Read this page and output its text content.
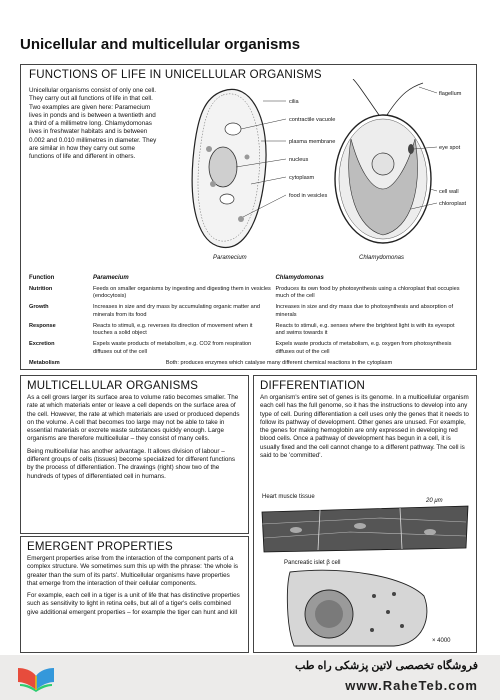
Unicellular and multicellular organisms
FUNCTIONS OF LIFE IN UNICELLULAR ORGANISMS

Unicellular organisms consist of only one cell. They carry out all functions of life in that cell. Two examples are given here: Paramecium lives in ponds and is between a twentieth and a third of a millimetre long. Chlamydomonas lives in freshwater habitats and is between 0.002 and 0.010 millimetres in diameter. They are similar in how they carry out some functions of life and different in others.

cilia
contractile vacuole
plasma membrane
nucleus
cytoplasm
food in vesicles
flagellum
eye spot
cell wall
chloroplast
Paramecium	Chlamydomonas
Function	Paramecium	Chlamydomonas
Nutrition	Feeds on smaller organisms by ingesting and digesting them in vesicles (endocytosis)	Produces its own food by photosynthesis using a chloroplast that occupies much of the cell
Growth	Increases in size and dry mass by accumulating organic matter and minerals from its food	Increases in size and dry mass due to photosynthesis and absorption of minerals
Response	Reacts to stimuli, e.g. reverses its direction of movement when it touches a solid object	Reacts to stimuli, e.g. senses where the brightest light is with its eyespot and swims towards it
Excretion	Expels waste products of metabolism, e.g. CO2 from respiration diffuses out of the cell	Expels waste products of metabolism, e.g. oxygen from photosynthesis diffuses out of the cell
Metabolism	Both: produces enzymes which catalyse many different chemical reactions in the cytoplasm	

MULTICELLULAR ORGANISMS

As a cell grows larger its surface area to volume ratio becomes smaller. The rate at which materials enter or leave a cell depends on the surface area of the cell. However, the rate at which materials are used or produced depends on the volume. A cell that becomes too large may not be able to take in essential materials or excrete waste substances quickly enough. Large organisms are therefore multicellular – they consist of many cells.

Being multicellular has another advantage. It allows division of labour – different groups of cells (tissues) become specialized for different functions by the process of differentiation. The drawings (right) show two of the hundreds of types of differentiated cell in humans.

EMERGENT PROPERTIES

Emergent properties arise from the interaction of the component parts of a complex structure. We sometimes sum this up with the phrase: 'the whole is greater than the sum of its parts'. Multicellular organisms have properties that emerge from the interaction of their cellular components.

For example, each cell in a tiger is a unit of life that has distinctive properties such as sensitivity to light in retina cells, but all of a tiger's cells combined give additional emergent properties – for example the tiger can hunt and kill

DIFFERENTIATION

An organism's entire set of genes is its genome. In a multicellular organism each cell has the full genome, so it has the instructions to develop into any type of cell. During differentiation a cell uses only the genes that it needs to follow its pathway of development. Other genes are unused. For example, the genes for making hemoglobin are only expressed in developing red blood cells. Once a pathway of development has begun in a cell, it is usually fixed and the cell cannot change to a different pathway. The cell is said to be 'committed'.

Heart muscle tissue
20 μm
Pancreatic islet β cell
× 4000
فروشگاه تخصصی لاتین پزشکی راه طب
www.RaheTeb.com
